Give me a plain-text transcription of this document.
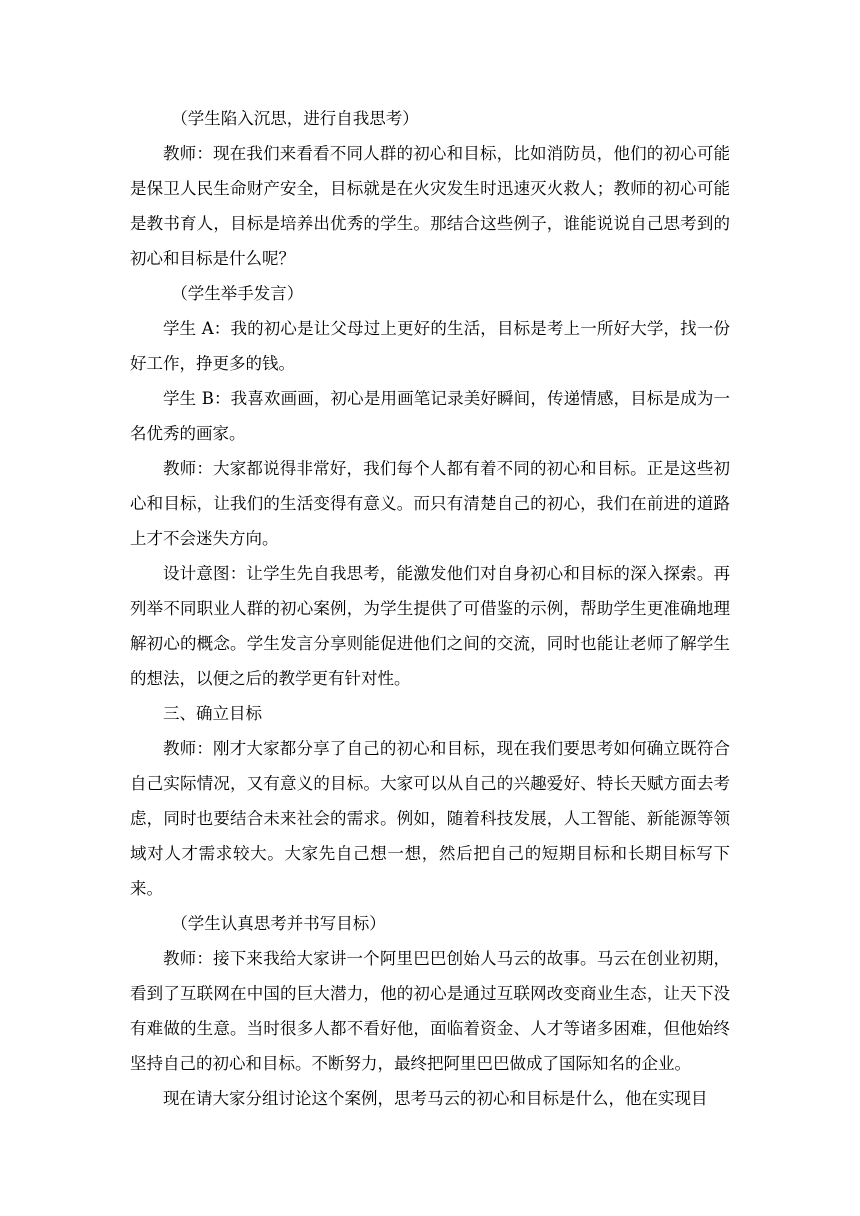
（学生陷入沉思，进行自我思考）

教师：现在我们来看看不同人群的初心和目标，比如消防员，他们的初心可能是保卫人民生命财产安全，目标就是在火灾发生时迅速灭火救人；教师的初心可能是教书育人，目标是培养出优秀的学生。那结合这些例子，谁能说说自己思考到的初心和目标是什么呢？

（学生举手发言）

学生 A：我的初心是让父母过上更好的生活，目标是考上一所好大学，找一份好工作，挣更多的钱。

学生 B：我喜欢画画，初心是用画笔记录美好瞬间，传递情感，目标是成为一名优秀的画家。

教师：大家都说得非常好，我们每个人都有着不同的初心和目标。正是这些初心和目标，让我们的生活变得有意义。而只有清楚自己的初心，我们在前进的道路上才不会迷失方向。

设计意图：让学生先自我思考，能激发他们对自身初心和目标的深入探索。再列举不同职业人群的初心案例，为学生提供了可借鉴的示例，帮助学生更准确地理解初心的概念。学生发言分享则能促进他们之间的交流，同时也能让老师了解学生的想法，以便之后的教学更有针对性。

三、确立目标

教师：刚才大家都分享了自己的初心和目标，现在我们要思考如何确立既符合自己实际情况，又有意义的目标。大家可以从自己的兴趣爱好、特长天赋方面去考虑，同时也要结合未来社会的需求。例如，随着科技发展，人工智能、新能源等领域对人才需求较大。大家先自己想一想，然后把自己的短期目标和长期目标写下来。

（学生认真思考并书写目标）

教师：接下来我给大家讲一个阿里巴巴创始人马云的故事。马云在创业初期，看到了互联网在中国的巨大潜力，他的初心是通过互联网改变商业生态，让天下没有难做的生意。当时很多人都不看好他，面临着资金、人才等诸多困难，但他始终坚持自己的初心和目标。不断努力，最终把阿里巴巴做成了国际知名的企业。

现在请大家分组讨论这个案例，思考马云的初心和目标是什么，他在实现目
